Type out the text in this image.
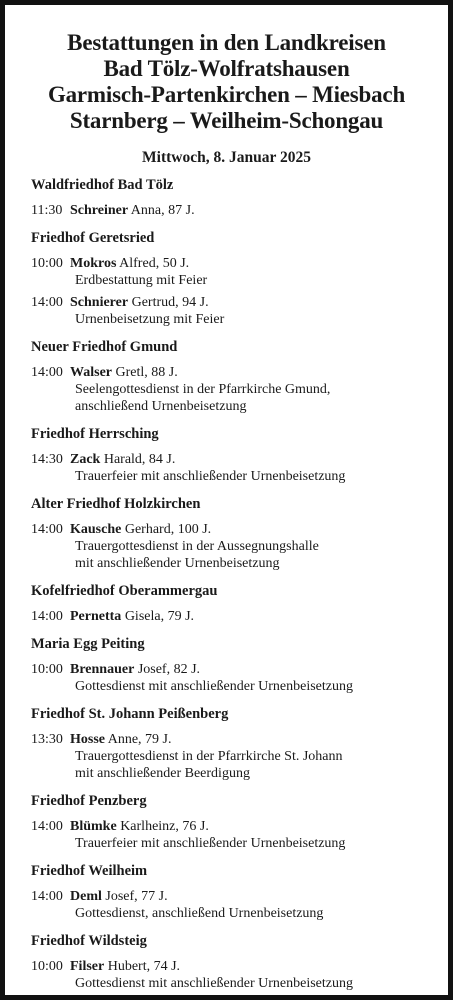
Bestattungen in den Landkreisen
Bad Tölz-Wolfratshausen
Garmisch-Partenkirchen – Miesbach
Starnberg – Weilheim-Schongau
Mittwoch, 8. Januar 2025
Waldfriedhof Bad Tölz
11:30 Schreiner Anna, 87 J.
Friedhof Geretsried
10:00 Mokros Alfred, 50 J.
Erdbestattung mit Feier
14:00 Schnierer Gertrud, 94 J.
Urnenbeisetzung mit Feier
Neuer Friedhof Gmund
14:00 Walser Gretl, 88 J.
Seelengottesdienst in der Pfarrkirche Gmund,
anschließend Urnenbeisetzung
Friedhof Herrsching
14:30 Zack Harald, 84 J.
Trauerfeier mit anschließender Urnenbeisetzung
Alter Friedhof Holzkirchen
14:00 Kausche Gerhard, 100 J.
Trauergottesdienst in der Aussegnungshalle
mit anschließender Urnenbeisetzung
Kofelfriedhof Oberammergau
14:00 Pernetta Gisela, 79 J.
Maria Egg Peiting
10:00 Brennauer Josef, 82 J.
Gottesdienst mit anschließender Urnenbeisetzung
Friedhof St. Johann Peißenberg
13:30 Hosse Anne, 79 J.
Trauergottesdienst in der Pfarrkirche St. Johann
mit anschließender Beerdigung
Friedhof Penzberg
14:00 Blümke Karlheinz, 76 J.
Trauerfeier mit anschließender Urnenbeisetzung
Friedhof Weilheim
14:00 Deml Josef, 77 J.
Gottesdienst, anschließend Urnenbeisetzung
Friedhof Wildsteig
10:00 Filser Hubert, 74 J.
Gottesdienst mit anschließender Urnenbeisetzung
